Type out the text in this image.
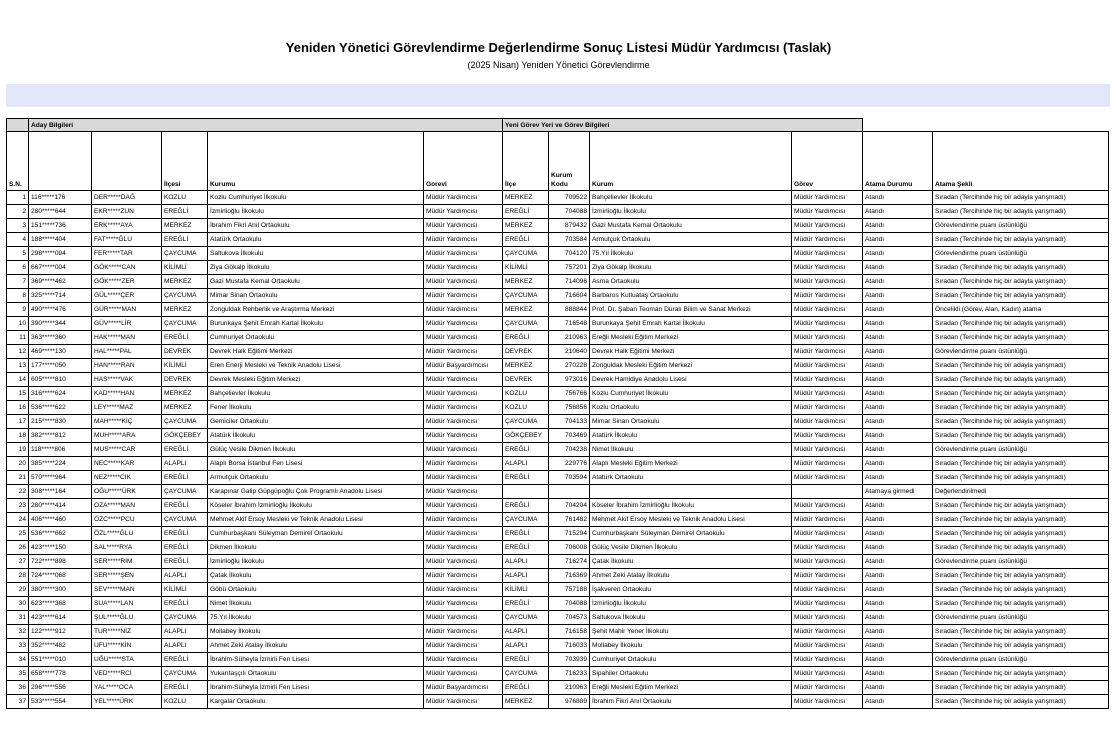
Yeniden Yönetici Görevlendirme Değerlendirme Sonuç Listesi Müdür Yardımcısı (Taslak)
(2025 Nisan) Yeniden Yönetici Görevlendirme
	Aday Bilgileri					Yeni Görev Yeri ve Görev Bilgileri					
S.N.			İlçesi	Kurumu	Gorevi	İlçe	Kurum Kodu	Kurum	Görev	Atama Durumu	Atama Şekli
1	116*****176	DER*****DAĞ	KOZLU	Kozlu Cumhuriyet İlkokulu	Müdür Yardımcısı	MERKEZ	709522	Bahçelievler İlkokulu	Müdür Yardımcısı	Atandı	Sıradan (Tercihinde hiç bir adayla yarışmadı)
2	280*****644	EKR*****ZUN	EREĞLİ	İzmirlioğlu İlkokulu	Müdür Yardımcısı	EREĞLİ	704088	İzmirlioğlu İlkokulu	Müdür Yardımcısı	Atandı	Sıradan (Tercihinde hiç bir adayla yarışmadı)
3	151*****736	ERK*****AYA	MERKEZ	İbrahim Fikri Anıl Ortaokulu	Müdür Yardımcısı	MERKEZ	879432	Gazi Mustafa Kemal Ortaokulu	Müdür Yardımcısı	Atandı	Görevlendirme puanı üstünlüğü
4	188*****404	FAT*****ĞLU	EREĞLİ	Atatürk Ortaokulu	Müdür Yardımcısı	EREĞLİ	703584	Armutçuk Ortaokulu	Müdür Yardımcısı	Atandı	Sıradan (Tercihinde hiç bir adayla yarışmadı)
5	298*****094	FER*****TAR	ÇAYCUMA	Saltukova İlkokulu	Müdür Yardımcısı	ÇAYCUMA	704120	75.Yıl İlkokulu	Müdür Yardımcısı	Atandı	Görevlendirme puanı üstünlüğü
6	667*****004	GÖK*****CAN	KİLİMLİ	Ziya Gökalp İlkokulu	Müdür Yardımcısı	KİLİMLİ	757201	Ziya Gökalp İlkokulu	Müdür Yardımcısı	Atandı	Sıradan (Tercihinde hiç bir adayla yarışmadı)
7	369*****462	GÖK*****ZER	MERKEZ	Gazi Mustafa Kemal Ortaokulu	Müdür Yardımcısı	MERKEZ	714096	Asma Ortaokulu	Müdür Yardımcısı	Atandı	Sıradan (Tercihinde hiç bir adayla yarışmadı)
8	325*****714	GÜL*****ÇER	ÇAYCUMA	Mimar Sinan Ortaokulu	Müdür Yardımcısı	ÇAYCUMA	716604	Barbaros Kutluataş Ortaokulu	Müdür Yardımcısı	Atandı	Sıradan (Tercihinde hiç bir adayla yarışmadı)
9	490*****476	GÜR*****MAN	MERKEZ	Zonguldak Rehberlik ve Araştırma Merkezi	Müdür Yardımcısı	MERKEZ	888844	Prof. Dr. Şaban Teoman Duralı Bilim ve Sanat Merkezi	Müdür Yardımcısı	Atandı	Öncelikli (Görev, Alan, Kadın) atama
10	390*****344	GÜV*****LİR	ÇAYCUMA	Burunkaya Şehit Emrah Kartal İlkokulu	Müdür Yardımcısı	ÇAYCUMA	716548	Burunkaya Şehit Emrah Kartal İlkokulu	Müdür Yardımcısı	Atandı	Sıradan (Tercihinde hiç bir adayla yarışmadı)
11	363*****360	HAK*****MAN	EREĞLİ	Cumhuriyet Ortaokulu	Müdür Yardımcısı	EREĞLİ	210963	Ereğli Mesleki Eğitim Merkezi	Müdür Yardımcısı	Atandı	Sıradan (Tercihinde hiç bir adayla yarışmadı)
12	469*****130	HAL*****PAL	DEVREK	Devrek Halk Eğitimi Merkezi	Müdür Yardımcısı	DEVREK	210640	Devrek Halk Eğitimi Merkezi	Müdür Yardımcısı	Atandı	Görevlendirme puanı üstünlüğü
13	177*****050	HAN*****RAN	KİLİMLİ	Eren Enerji Mesleki ve Teknik Anadolu Lisesi	Müdür Başyardımcısı	MERKEZ	270228	Zonguldak Mesleki Eğitim Merkezi	Müdür Yardımcısı	Atandı	Sıradan (Tercihinde hiç bir adayla yarışmadı)
14	605*****810	HAS*****VAK	DEVREK	Devrek Mesleki Eğitim Merkezi	Müdür Yardımcısı	DEVREK	973016	Devrek Hamidiye Anadolu Lisesi	Müdür Yardımcısı	Atandı	Sıradan (Tercihinde hiç bir adayla yarışmadı)
15	316*****624	KAD*****HAN	MERKEZ	Bahçelievler İlkokulu	Müdür Yardımcısı	KOZLU	756766	Kozlu Cumhuriyet İlkokulu	Müdür Yardımcısı	Atandı	Sıradan (Tercihinde hiç bir adayla yarışmadı)
16	536*****622	LEY*****MAZ	MERKEZ	Fener İlkokulu	Müdür Yardımcısı	KOZLU	756856	Kozlu Ortaokulu	Müdür Yardımcısı	Atandı	Sıradan (Tercihinde hiç bir adayla yarışmadı)
17	215*****830	MAH*****KİÇ	ÇAYCUMA	Gemiciler Ortaokulu	Müdür Yardımcısı	ÇAYCUMA	704133	Mimar Sinan Ortaokulu	Müdür Yardımcısı	Atandı	Sıradan (Tercihinde hiç bir adayla yarışmadı)
18	382*****812	MUH*****ARA	GÖKÇEBEY	Atatürk İlkokulu	Müdür Yardımcısı	GÖKÇEBEY	703469	Atatürk İlkokulu	Müdür Yardımcısı	Atandı	Sıradan (Tercihinde hiç bir adayla yarışmadı)
19	118*****806	MUS*****CAR	EREĞLİ	Gülüç Vesile Dikmen İlkokulu	Müdür Yardımcısı	EREĞLİ	704238	Nimet İlkokulu	Müdür Yardımcısı	Atandı	Görevlendirme puanı üstünlüğü
20	385*****224	NEC*****KAR	ALAPLI	Alaplı Borsa İstanbul Fen Lisesi	Müdür Yardımcısı	ALAPLI	229776	Alaplı Mesleki Eğitim Merkezi	Müdür Yardımcısı	Atandı	Sıradan (Tercihinde hiç bir adayla yarışmadı)
21	570*****964	NEZ*****CIK	EREĞLİ	Armutçuk Ortaokulu	Müdür Yardımcısı	EREĞLİ	703594	Atatürk Ortaokulu	Müdür Yardımcısı	Atandı	Sıradan (Tercihinde hiç bir adayla yarışmadı)
22	308*****164	OĞU*****ÜRK	ÇAYCUMA	Karapınar Galip Güpgüpoğlu Çok Programlı Anadolu Lisesi	Müdür Yardımcısı					Atamaya girmedi	Değerlendirilmedi
23	280*****414	OZA*****MAN	EREĞLİ	Köseler İbrahim İzmirlioğlu İlkokulu	Müdür Yardımcısı	EREĞLİ	704204	Köseler İbrahim İzmirlioğlu İlkokulu	Müdür Yardımcısı	Atandı	Sıradan (Tercihinde hiç bir adayla yarışmadı)
24	406*****460	ÖZC*****PCU	ÇAYCUMA	Mehmet Akif Ersoy Mesleki ve Teknik Anadolu Lisesi	Müdür Yardımcısı	ÇAYCUMA	761482	Mehmet Akif Ersoy Mesleki ve Teknik Anadolu Lisesi	Müdür Yardımcısı	Atandı	Sıradan (Tercihinde hiç bir adayla yarışmadı)
25	536*****662	ÖZL*****ĞLU	EREĞLİ	Cumhurbaşkanı Süleyman Demirel Ortaokulu	Müdür Yardımcısı	EREĞLİ	715294	Cumhurbaşkanı Süleyman Demirel Ortaokulu	Müdür Yardımcısı	Atandı	Sıradan (Tercihinde hiç bir adayla yarışmadı)
26	423*****150	SAL*****RYA	EREĞLİ	Dikmen İlkokulu	Müdür Yardımcısı	EREĞLİ	706008	Gülüç Vesile Dikmen İlkokulu	Müdür Yardımcısı	Atandı	Sıradan (Tercihinde hiç bir adayla yarışmadı)
27	722*****898	SER*****RIM	EREĞLİ	İzmirlioğlu İlkokulu	Müdür Yardımcısı	ALAPLI	716274	Çatak İlkokulu	Müdür Yardımcısı	Atandı	Görevlendirme puanı üstünlüğü
28	724*****068	SER*****ŞEN	ALAPLI	Çatak İlkokulu	Müdür Yardımcısı	ALAPLI	716369	Ahmet Zeki Atalay İlkokulu	Müdür Yardımcısı	Atandı	Sıradan (Tercihinde hiç bir adayla yarışmadı)
29	380*****300	SEV*****MAN	KİLİMLİ	Göbü Ortaokulu	Müdür Yardımcısı	KİLİMLİ	757188	İşakveren Ortaokulu	Müdür Yardımcısı	Atandı	Sıradan (Tercihinde hiç bir adayla yarışmadı)
30	623*****368	SUA*****LAN	EREĞLİ	Nimet İlkokulu	Müdür Yardımcısı	EREĞLİ	704088	İzmirlioğlu İlkokulu	Müdür Yardımcısı	Atandı	Sıradan (Tercihinde hiç bir adayla yarışmadı)
31	423*****614	ŞUL*****ĞLU	ÇAYCUMA	75.Yıl İlkokulu	Müdür Yardımcısı	ÇAYCUMA	704573	Saltukova İlkokulu	Müdür Yardımcısı	Atandı	Görevlendirme puanı üstünlüğü
32	122*****912	TUR*****NİZ	ALAPLI	Mollabey İlkokulu	Müdür Yardımcısı	ALAPLI	716158	Şehit Mahir Yener İlkokulu	Müdür Yardımcısı	Atandı	Sıradan (Tercihinde hiç bir adayla yarışmadı)
33	352*****482	UFU*****KİN	ALAPLI	Ahmet Zeki Atalay İlkokulu	Müdür Yardımcısı	ALAPLI	716033	Mollabey İlkokulu	Müdür Yardımcısı	Atandı	Sıradan (Tercihinde hiç bir adayla yarışmadı)
34	551*****010	UĞU*****STA	EREĞLİ	İbrahim-Süheyla İzmirli Fen Lisesi	Müdür Yardımcısı	EREĞLİ	703939	Cumhuriyet Ortaokulu	Müdür Yardımcısı	Atandı	Görevlendirme puanı üstünlüğü
35	658*****778	VED*****RCİ	ÇAYCUMA	Yukarıtaşçılı Ortaokulu	Müdür Yardımcısı	ÇAYCUMA	716233	Sipahiler Ortaokulu	Müdür Yardımcısı	Atandı	Sıradan (Tercihinde hiç bir adayla yarışmadı)
36	296*****556	YAL*****OCA	EREĞLİ	İbrahim-Süheyla İzmirli Fen Lisesi	Müdür Başyardımcısı	EREĞLİ	210963	Ereğli Mesleki Eğitim Merkezi	Müdür Yardımcısı	Atandı	Sıradan (Tercihinde hiç bir adayla yarışmadı)
37	533*****554	YEL*****ÜRK	KOZLU	Kargalar Ortaokulu	Müdür Yardımcısı	MERKEZ	976889	İbrahim Fikri Anıl Ortaokulu	Müdür Yardımcısı	Atandı	Sıradan (Tercihinde hiç bir adayla yarışmadı)
